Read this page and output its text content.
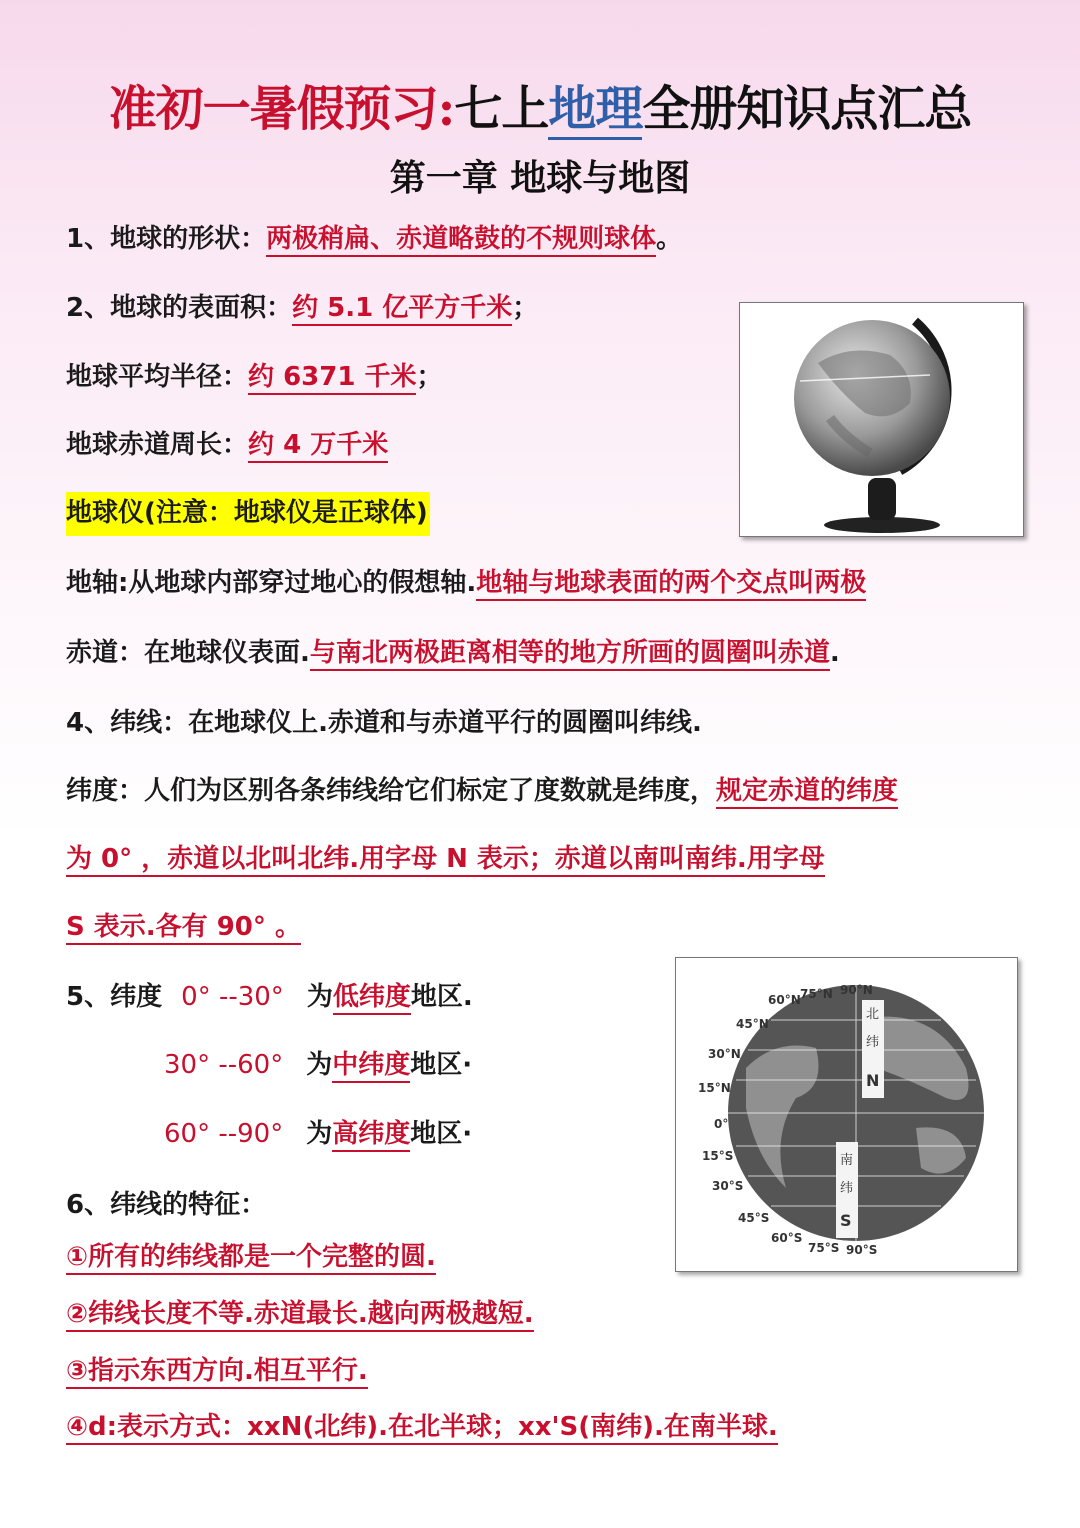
准初一暑假预习:七上地理全册知识点汇总
第一章 地球与地图
1、地球的形状：两极稍扁、赤道略鼓的不规则球体。
2、地球的表面积：约 5.1 亿平方千米；
地球平均半径：约 6371 千米；
地球赤道周长：约 4 万千米
地球仪(注意：地球仪是正球体)
地轴:从地球内部穿过地心的假想轴.地轴与地球表面的两个交点叫两极
赤道：在地球仪表面.与南北两极距离相等的地方所画的圆圈叫赤道.
4、纬线：在地球仪上.赤道和与赤道平行的圆圈叫纬线.
纬度：人们为区别各条纬线给它们标定了度数就是纬度，规定赤道的纬度
为 0° ，赤道以北叫北纬.用字母 N 表示；赤道以南叫南纬.用字母
S 表示.各有 90° 。
5、纬度 0° --30° 为低纬度地区.
30° --60° 为中纬度地区·
60° --90° 为高纬度地区·
6、纬线的特征：
①所有的纬线都是一个完整的圆.
②纬线长度不等.赤道最长.越向两极越短.
③指示东西方向.相互平行.
④d:表示方式：xxN(北纬).在北半球；xx'S(南纬).在南半球.
90°N
75°N
60°N
45°N
30°N
15°N
0°
15°S
30°S
45°S
60°S
75°S 90°S
北
纬
N
南
纬
S
